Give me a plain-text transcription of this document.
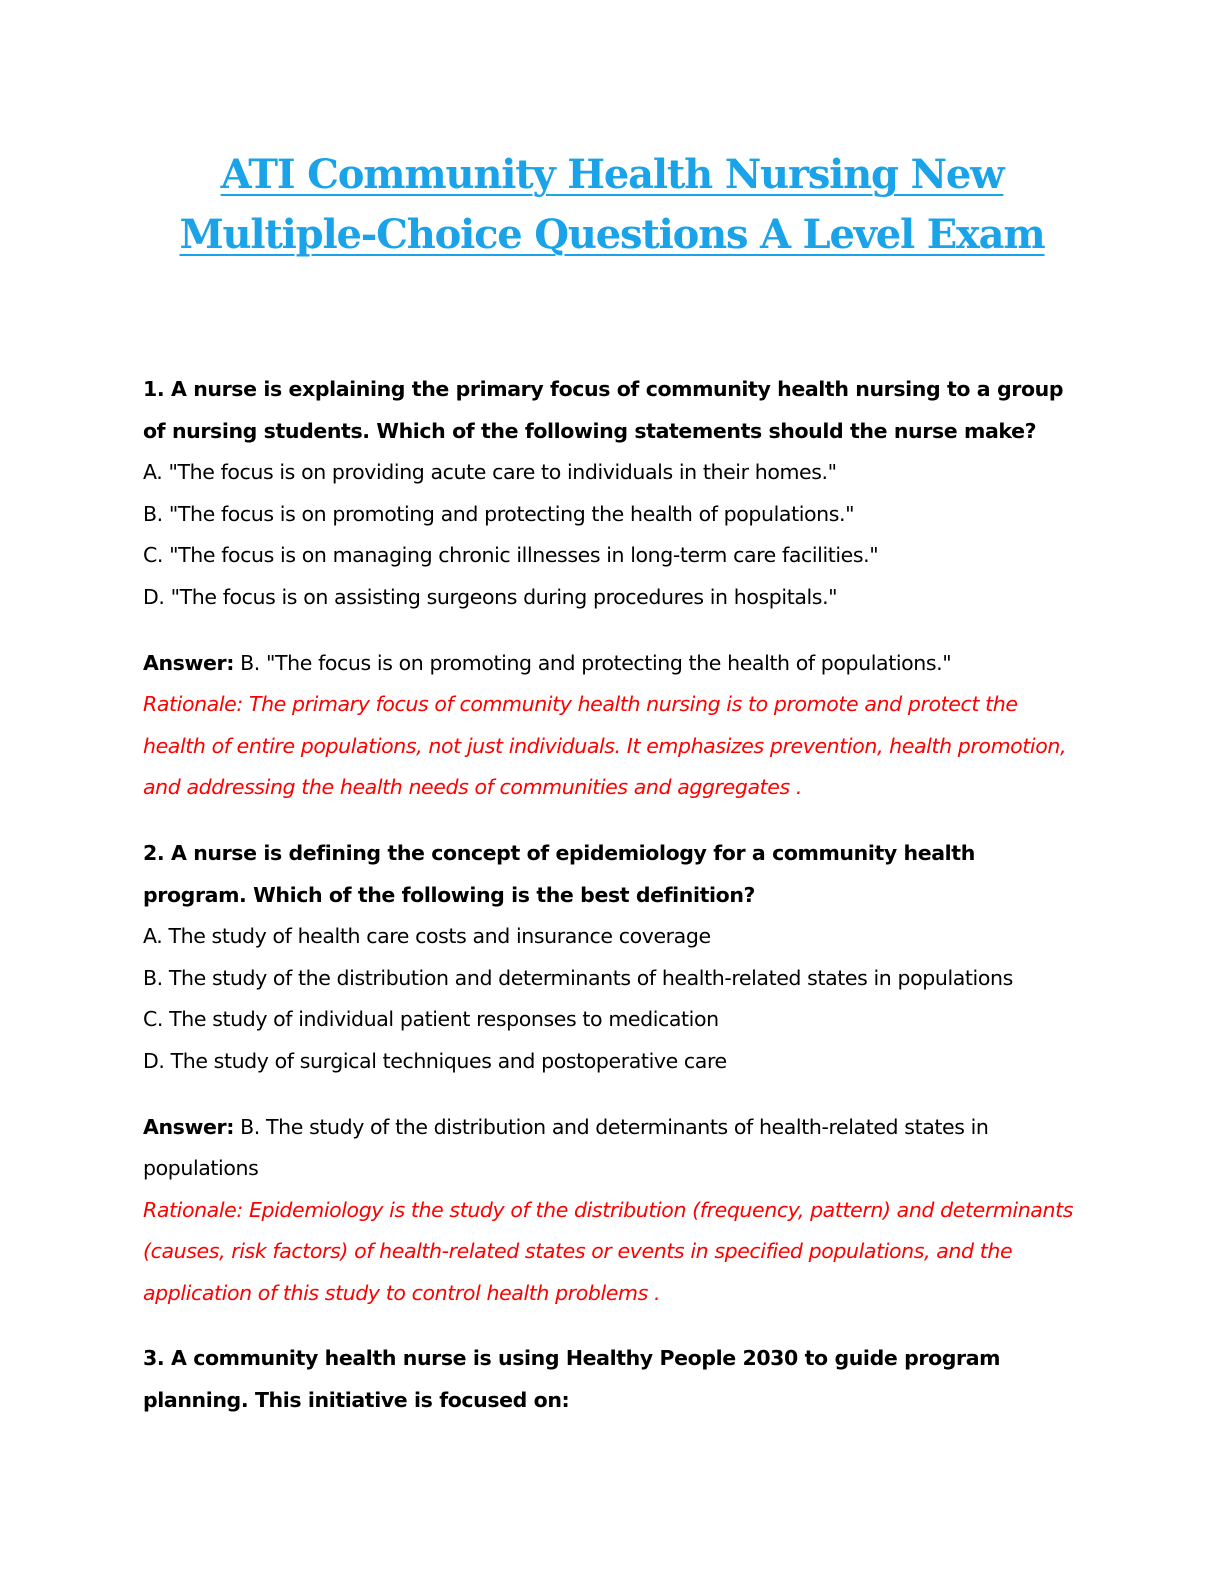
ATI Community Health Nursing New
Multiple-Choice Questions A Level Exam

1. A nurse is explaining the primary focus of community health nursing to a group of nursing students. Which of the following statements should the nurse make?

A. "The focus is on providing acute care to individuals in their homes."

B. "The focus is on promoting and protecting the health of populations."

C. "The focus is on managing chronic illnesses in long-term care facilities."

D. "The focus is on assisting surgeons during procedures in hospitals."

Answer: B. "The focus is on promoting and protecting the health of populations."

Rationale: The primary focus of community health nursing is to promote and protect the health of entire populations, not just individuals. It emphasizes prevention, health promotion, and addressing the health needs of communities and aggregates .

2. A nurse is defining the concept of epidemiology for a community health program. Which of the following is the best definition?

A. The study of health care costs and insurance coverage

B. The study of the distribution and determinants of health-related states in populations

C. The study of individual patient responses to medication

D. The study of surgical techniques and postoperative care

Answer: B. The study of the distribution and determinants of health-related states in populations

Rationale: Epidemiology is the study of the distribution (frequency, pattern) and determinants (causes, risk factors) of health-related states or events in specified populations, and the application of this study to control health problems .

3. A community health nurse is using Healthy People 2030 to guide program planning. This initiative is focused on:
